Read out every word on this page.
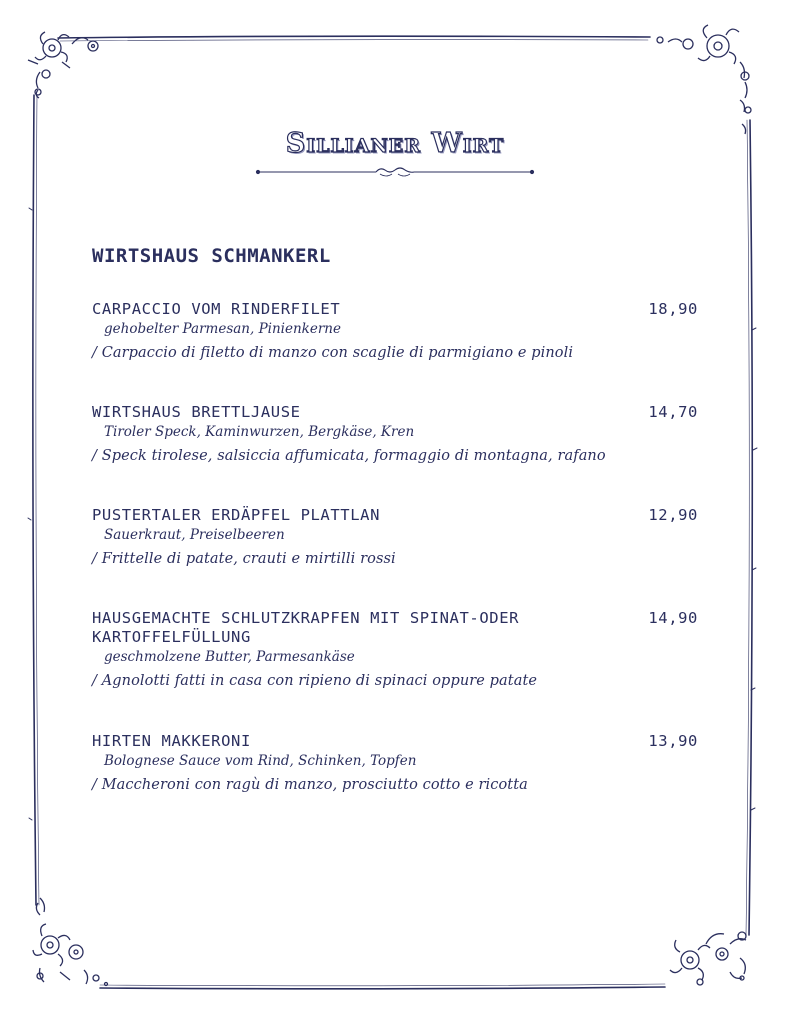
Sillianer Wirt
WIRTSHAUS SCHMANKERL
CARPACCIO VOM RINDERFILET	18,90
gehobelter Parmesan, Pinienkerne
/ Carpaccio di filetto di manzo con scaglie di parmigiano e pinoli
WIRTSHAUS BRETTLJAUSE	14,70
Tiroler Speck, Kaminwurzen, Bergkäse, Kren
/ Speck tirolese, salsiccia affumicata, formaggio di montagna, rafano
PUSTERTALER ERDÄPFEL PLATTLAN	12,90
Sauerkraut, Preiselbeeren
/ Frittelle di patate, crauti e mirtilli rossi
HAUSGEMACHTE SCHLUTZKRAPFEN MIT SPINAT-ODER KARTOFFELFÜLLUNG
14,90
geschmolzene Butter, Parmesankäse
/ Agnolotti fatti in casa con ripieno di spinaci oppure patate
HIRTEN MAKKERONI	13,90
Bolognese Sauce vom Rind, Schinken, Topfen
/ Maccheroni con ragù di manzo, prosciutto cotto e ricotta
